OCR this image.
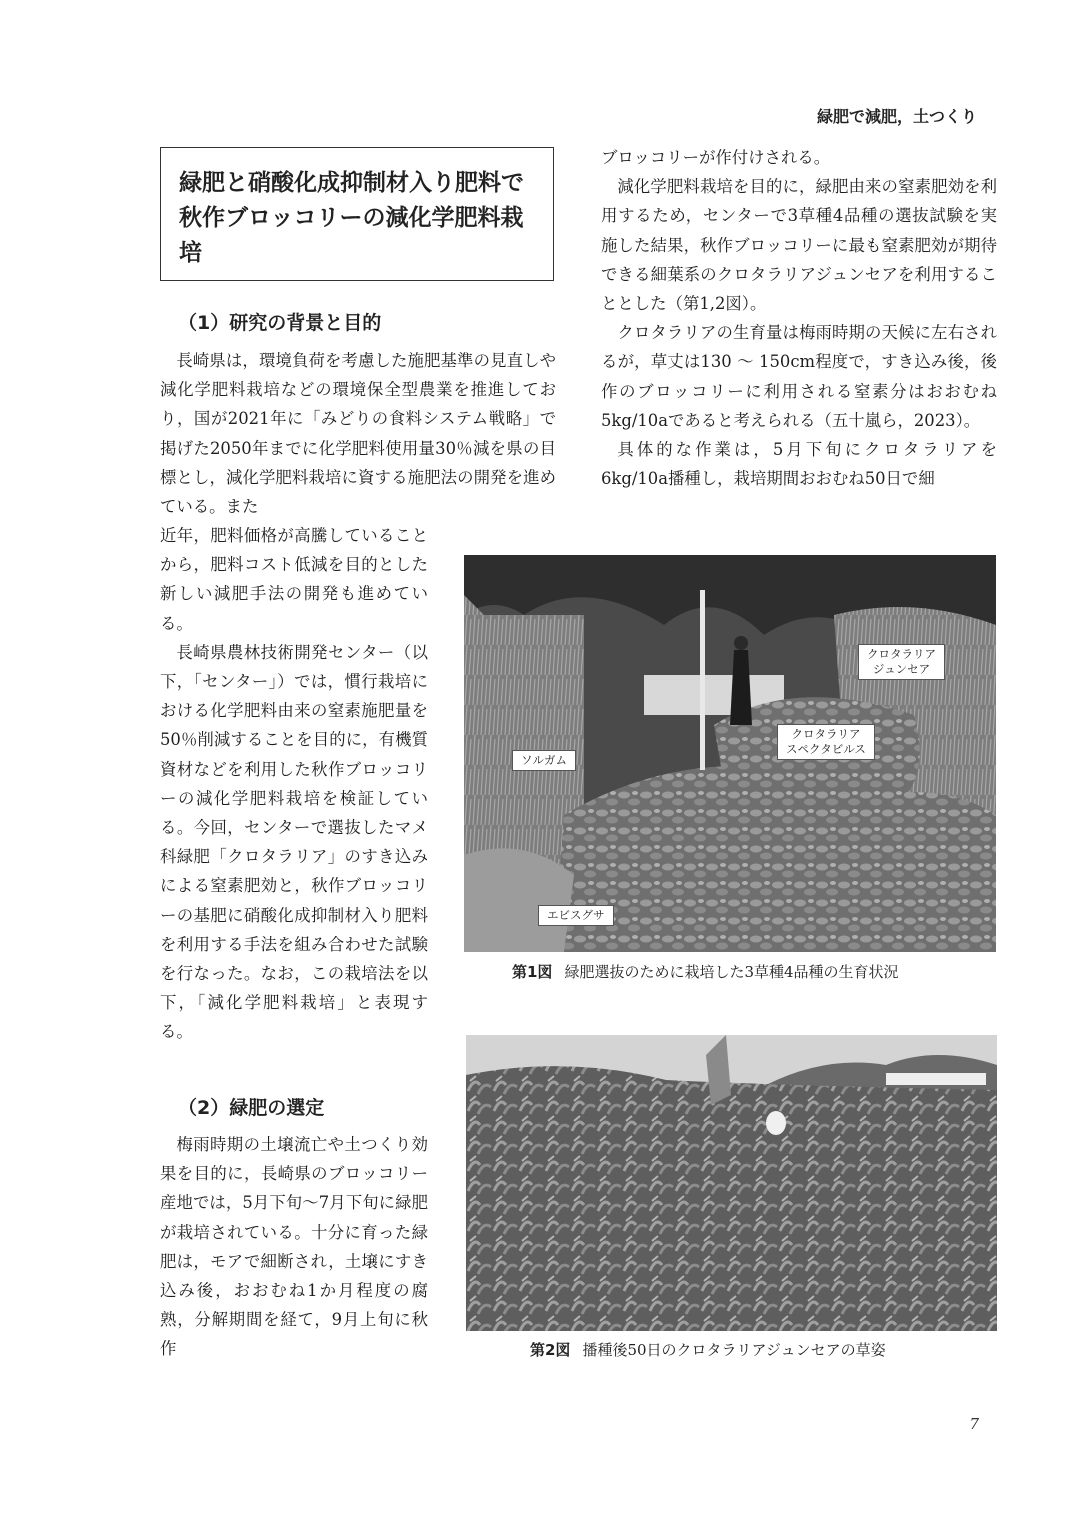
緑肥で減肥，土つくり
緑肥と硝酸化成抑制材入り肥料で秋作ブロッコリーの減化学肥料栽培
（1）研究の背景と目的

長崎県は，環境負荷を考慮した施肥基準の見直しや減化学肥料栽培などの環境保全型農業を推進しており，国が2021年に「みどりの食料システム戦略」で掲げた2050年までに化学肥料使用量30％減を県の目標とし，減化学肥料栽培に資する施肥法の開発を進めている。また

近年，肥料価格が高騰していることから，肥料コスト低減を目的とした新しい減肥手法の開発も進めている。

長崎県農林技術開発センター（以下，「センター」）では，慣行栽培における化学肥料由来の窒素施肥量を50％削減することを目的に，有機質資材などを利用した秋作ブロッコリーの減化学肥料栽培を検証している。今回，センターで選抜したマメ科緑肥「クロタラリア」のすき込みによる窒素肥効と，秋作ブロッコリーの基肥に硝酸化成抑制材入り肥料を利用する手法を組み合わせた試験を行なった。なお，この栽培法を以下，「減化学肥料栽培」と表現する。

（2）緑肥の選定

梅雨時期の土壌流亡や土つくり効果を目的に，長崎県のブロッコリー産地では，5月下旬〜7月下旬に緑肥が栽培されている。十分に育った緑肥は，モアで細断され，土壌にすき込み後，おおむね1か月程度の腐熟，分解期間を経て，9月上旬に秋作

ブロッコリーが作付けされる。

減化学肥料栽培を目的に，緑肥由来の窒素肥効を利用するため，センターで3草種4品種の選抜試験を実施した結果，秋作ブロッコリーに最も窒素肥効が期待できる細葉系のクロタラリアジュンセアを利用することとした（第1,2図）。

クロタラリアの生育量は梅雨時期の天候に左右されるが，草丈は130 〜 150cm程度で，すき込み後，後作のブロッコリーに利用される窒素分はおおむね5kg/10aであると考えられる（五十嵐ら，2023）。

具体的な作業は，5月下旬にクロタラリアを6kg/10a播種し，栽培期間おおむね50日で細

クロタラリア
ジュンセア
クロタラリア
スペクタビルス
ソルガム
エビスグサ
第1図 緑肥選抜のために栽培した3草種4品種の生育状況
第2図 播種後50日のクロタラリアジュンセアの草姿
7
